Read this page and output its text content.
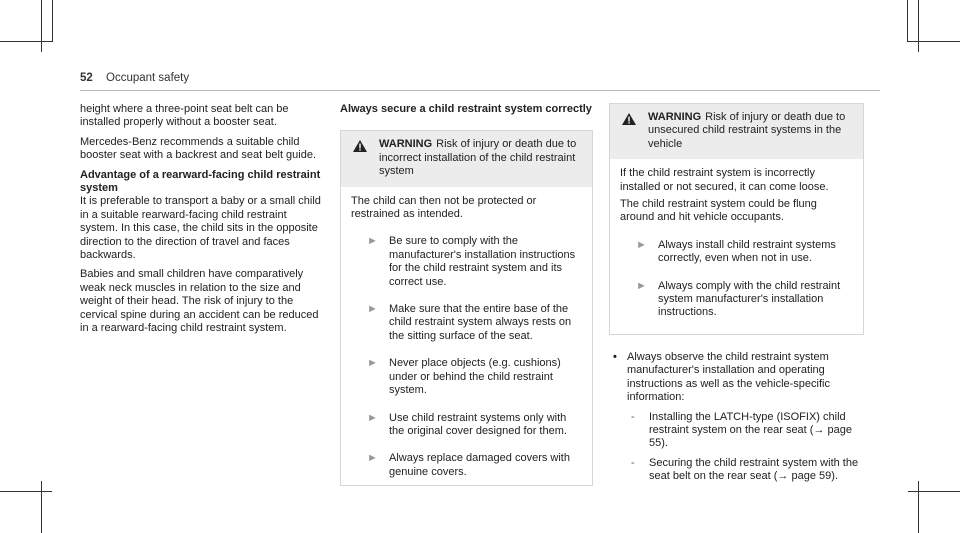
52 Occupant safety

height where a three-point seat belt can be installed properly without a booster seat.

Mercedes-Benz recommends a suitable child booster seat with a backrest and seat belt guide.

Advantage of a rearward-facing child restraint system

It is preferable to transport a baby or a small child in a suitable rearward-facing child restraint system. In this case, the child sits in the opposite direction to the direction of travel and faces backwards.

Babies and small children have comparatively weak neck muscles in relation to the size and weight of their head. The risk of injury to the cervical spine during an accident can be reduced in a rearward-facing child restraint system.

Always secure a child restraint system correctly
WARNING Risk of injury or death due to incorrect installation of the child restraint system

The child can then not be protected or restrained as intended.

►	Be sure to comply with the manufacturer's installation instructions for the child restraint system and its correct use.
►	Make sure that the entire base of the child restraint system always rests on the sitting surface of the seat.
►	Never place objects (e.g. cushions) under or behind the child restraint system.
►	Use child restraint systems only with the original cover designed for them.
►	Always replace damaged covers with genuine covers.
WARNING Risk of injury or death due to unsecured child restraint systems in the vehicle

If the child restraint system is incorrectly installed or not secured, it can come loose.

The child restraint system could be flung around and hit vehicle occupants.

►	Always install child restraint systems correctly, even when not in use.
►	Always comply with the child restraint system manufacturer's installation instructions.
• Always observe the child restraint system manufacturer's installation and operating instructions as well as the vehicle-specific information:
-	Installing the LATCH-type (ISOFIX) child restraint system on the rear seat (→ page 55).
-	Securing the child restraint system with the seat belt on the rear seat (→ page 59).
